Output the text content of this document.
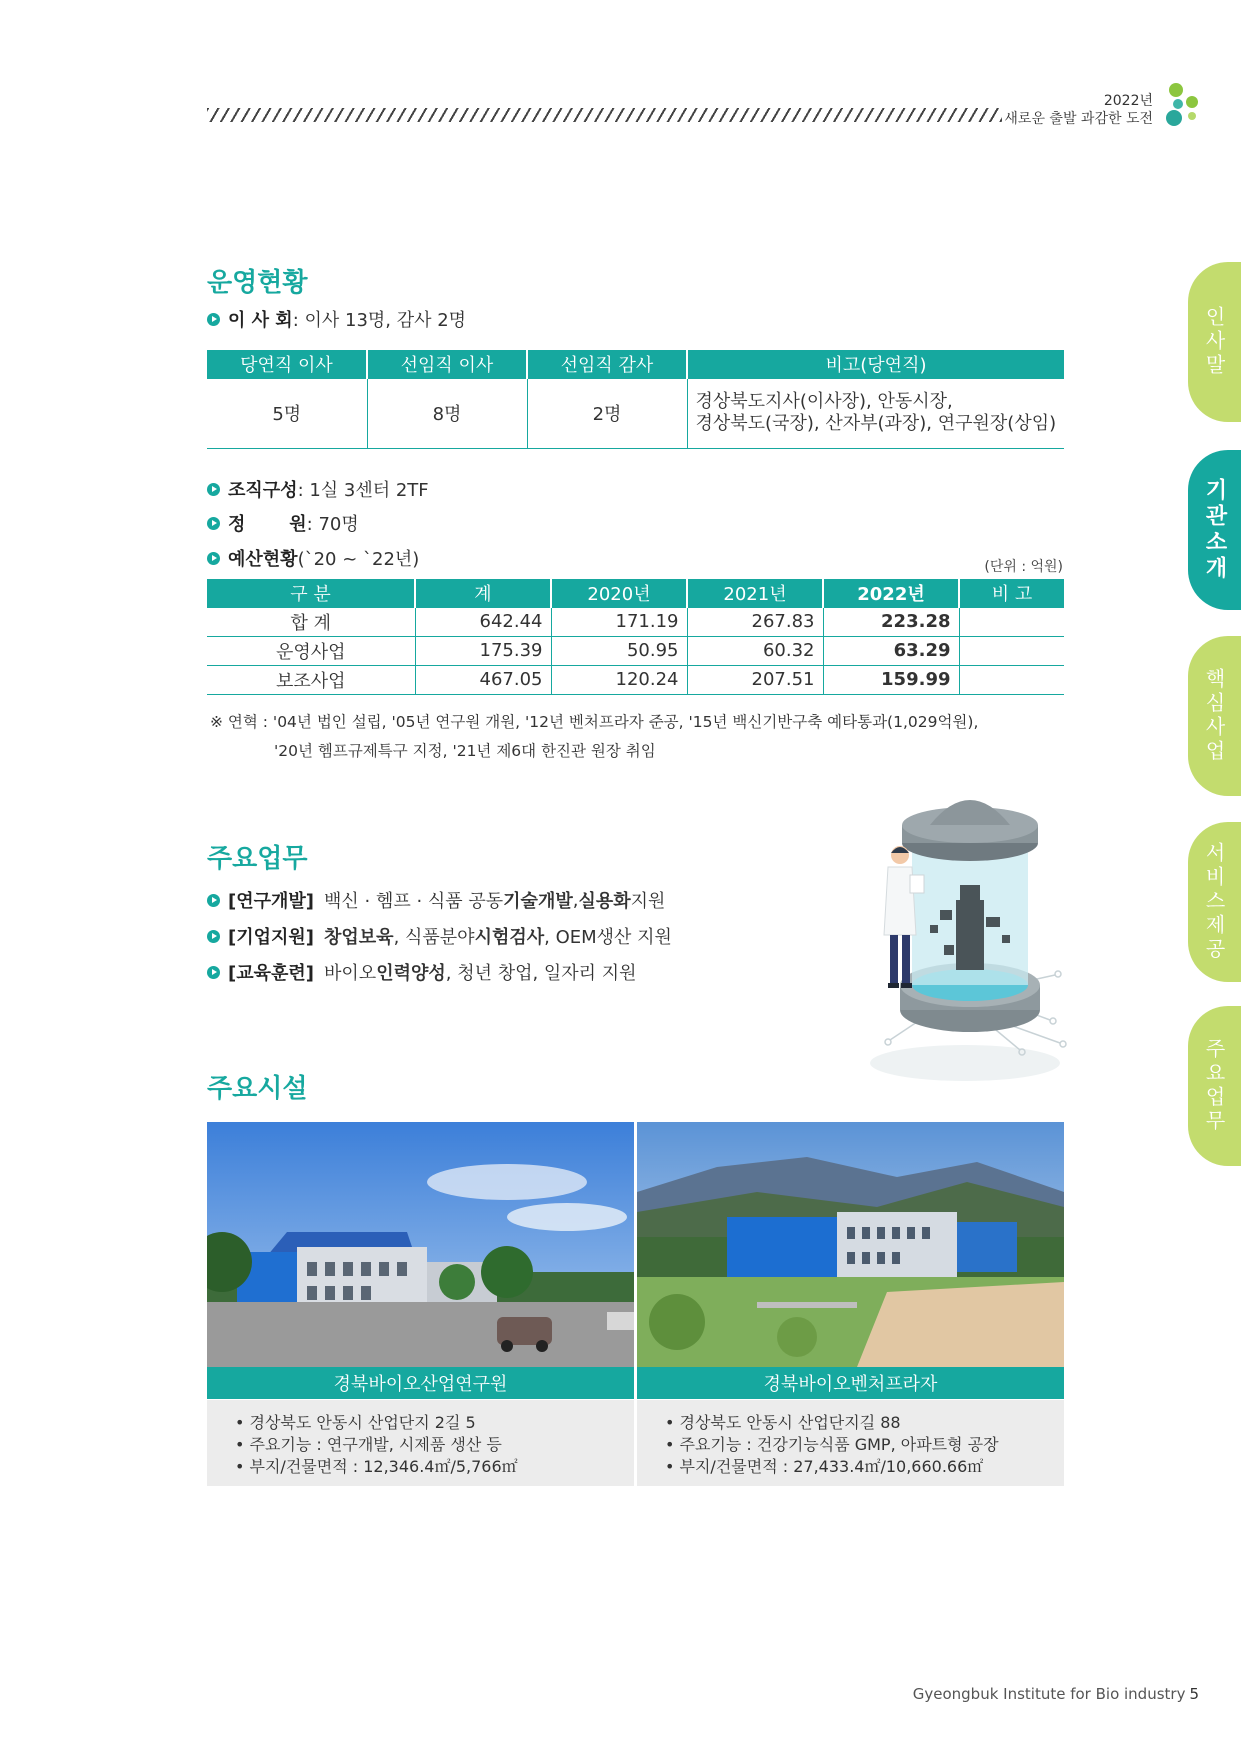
2022년
새로운 출발 과감한 도전
인사말
기관소개
핵심사업
서비스제공
주요업무
운영현황
이 사 회 : 이사 13명, 감사 2명
당연직 이사	선임직 이사	선임직 감사	비고(당연직)
5명	8명	2명	경상북도지사(이사장), 안동시장,
경상북도(국장), 산자부(과장), 연구원장(상임)
조직구성 : 1실 3센터 2TF
정       원 : 70명
예산현황 (`20 ~ `22년)	(단위 : 억원)
구 분	계	2020년	2021년	2022년	비 고
합 계	642.44	171.19	267.83	223.28	
운영사업	175.39	50.95	60.32	63.29	
보조사업	467.05	120.24	207.51	159.99	
※ 연혁 : '04년 법인 설립, '05년 연구원 개원, '12년 벤처프라자 준공, '15년 백신기반구축 예타통과(1,029억원),
'20년 헴프규제특구 지정, '21년 제6대 한진관 원장 취임
주요업무
[연구개발] 백신 · 헴프 · 식품 공동 기술개발 , 실용화 지원
[기업지원] 창업보육 , 식품분야 시험검사 , OEM생산 지원
[교육훈련] 바이오 인력양성 , 청년 창업, 일자리 지원
주요시설
경북바이오산업연구원	경북바이오벤처프라자
• 경상북도 안동시 산업단지 2길 5
• 주요기능 : 연구개발, 시제품 생산 등
• 부지/건물면적 : 12,346.4㎡/5,766㎡
• 경상북도 안동시 산업단지길 88
• 주요기능 : 건강기능식품 GMP, 아파트형 공장
• 부지/건물면적 : 27,433.4㎡/10,660.66㎡
Gyeongbuk Institute for Bio industry 5
